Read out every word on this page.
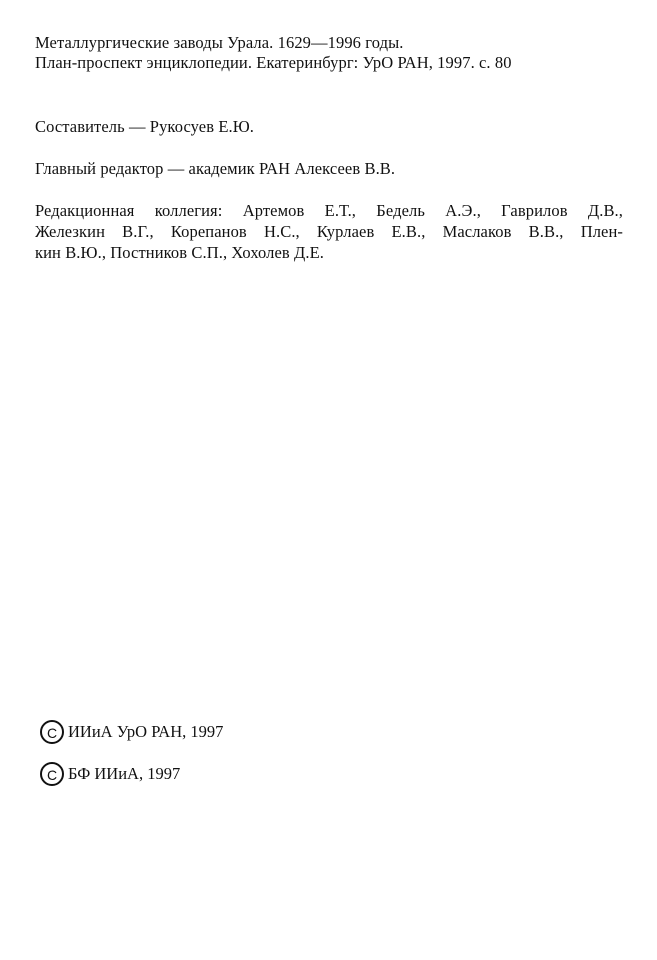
Металлургические заводы Урала. 1629—1996 годы.
План-проспект энциклопедии. Екатеринбург: УрО РАН, 1997. с. 80
Составитель — Рукосуев Е.Ю.
Главный редактор — академик РАН Алексеев В.В.
Редакционная коллегия: Артемов Е.Т., Бедель А.Э., Гаврилов Д.В.,
Железкин В.Г., Корепанов Н.С., Курлаев Е.В., Маслаков В.В., Плен-
кин В.Ю., Постников С.П., Хохолев Д.Е.
C ИИиА УрО РАН, 1997
C БФ ИИиА, 1997
